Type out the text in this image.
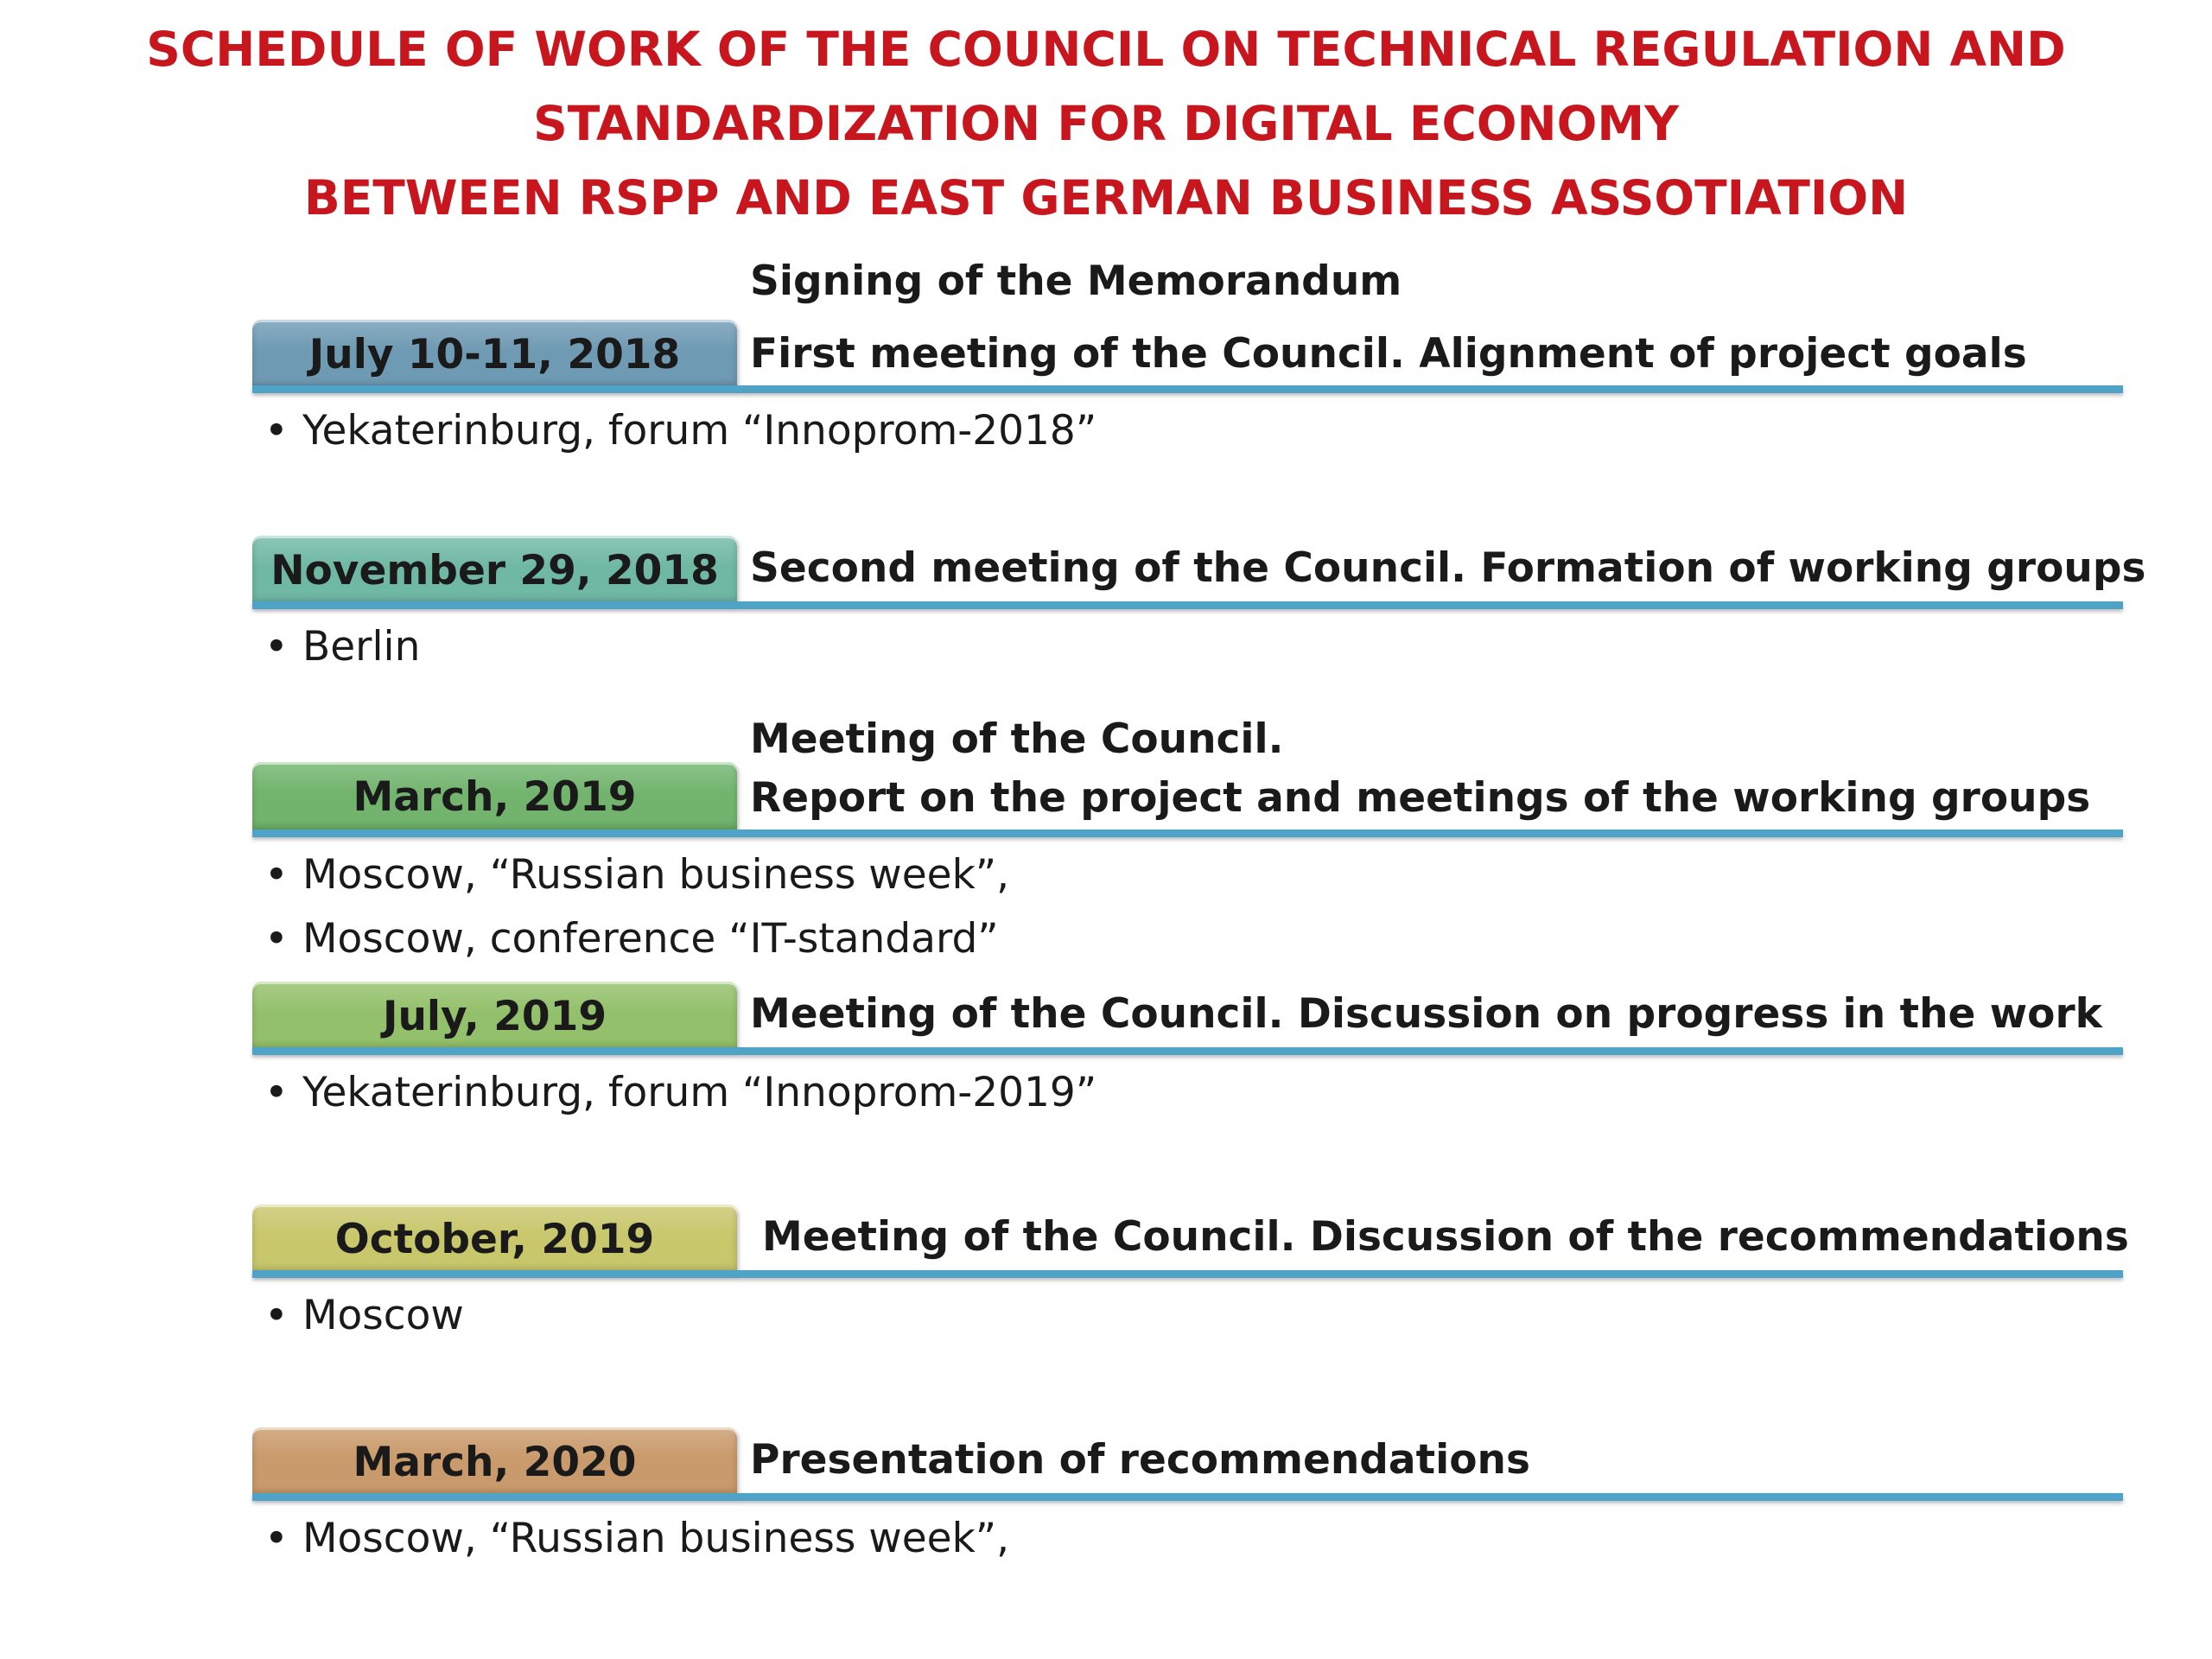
SCHEDULE OF WORK OF THE COUNCIL ON TECHNICAL REGULATION AND
STANDARDIZATION FOR DIGITAL ECONOMY
BETWEEN RSPP AND EAST GERMAN BUSINESS ASSOTIATION
Signing of the Memorandum
July 10-11, 2018	First meeting of the Council. Alignment of project goals
• Yekaterinburg, forum “Innoprom-2018”
November 29, 2018 Second meeting of the Council. Formation of working groups
• Berlin
Meeting of the Council.
March, 2019	Report on the project and meetings of the working groups
• Moscow, “Russian business week”,
• Moscow, conference “IT-standard”
July, 2019	Meeting of the Council. Discussion on progress in the work
• Yekaterinburg, forum “Innoprom-2019”
October, 2019	Meeting of the Council. Discussion of the recommendations
• Moscow
March, 2020	Presentation of recommendations
• Moscow, “Russian business week”,
